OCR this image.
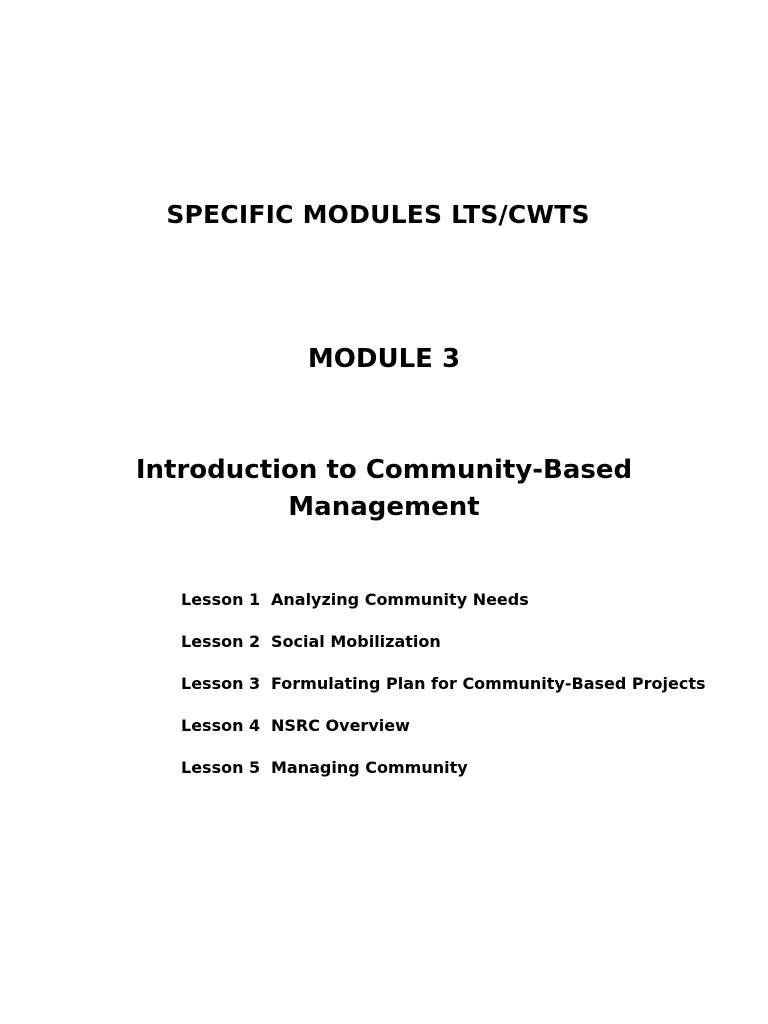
SPECIFIC MODULES LTS/CWTS
MODULE 3
Introduction to Community-Based
Management
Lesson 1 Analyzing Community Needs
Lesson 2 Social Mobilization
Lesson 3 Formulating Plan for Community-Based Projects
Lesson 4 NSRC Overview
Lesson 5 Managing Community
